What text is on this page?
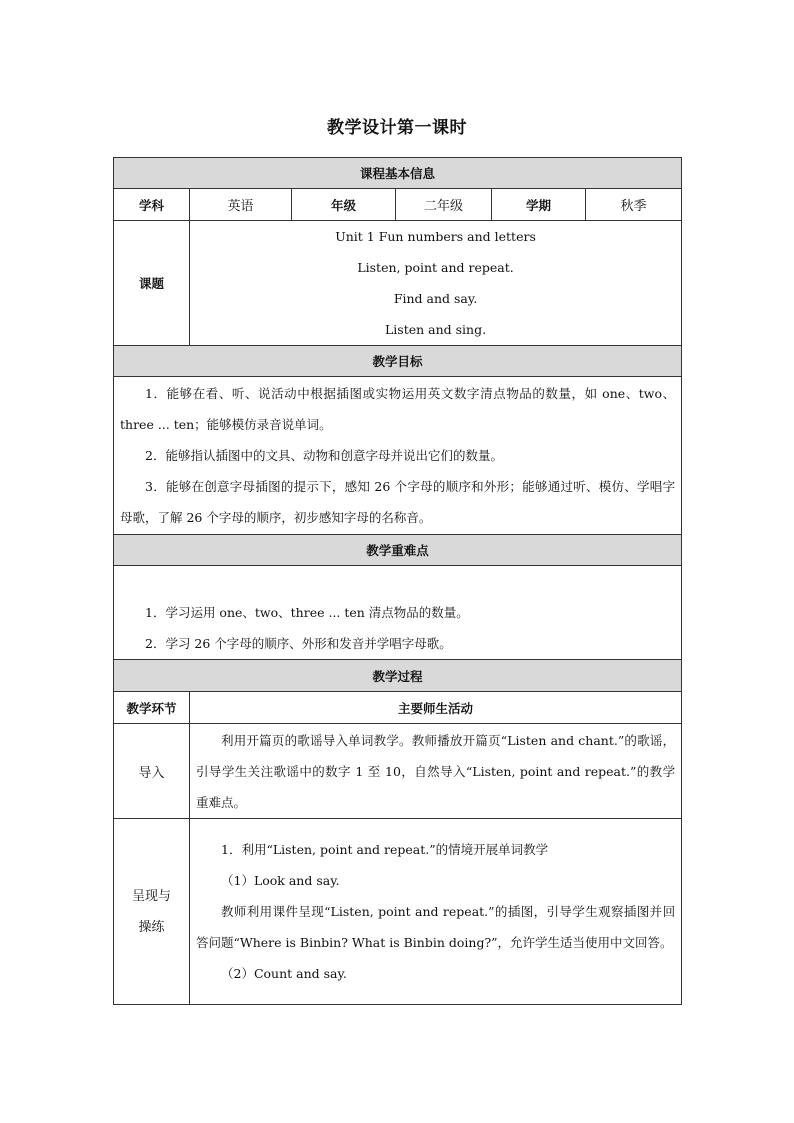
教学设计第一课时
课程基本信息					
学科	英语	年级	二年级	学期	秋季
课题	Unit 1 Fun numbers and letters
Listen, point and repeat.
Find and say.
Listen and sing.				

教学目标					

1．能够在看、听、说活动中根据插图或实物运用英文数字清点物品的数量，如 one、two、three ... ten；能够模仿录音说单词。
2．能够指认插图中的文具、动物和创意字母并说出它们的数量。
3．能够在创意字母插图的提示下，感知 26 个字母的顺序和外形；能够通过听、模仿、学唱字母歌，了解 26 个字母的顺序，初步感知字母的名称音。					

教学重难点					

1．学习运用 one、two、three ... ten 清点物品的数量。
2．学习 26 个字母的顺序、外形和发音并学唱字母歌。					

教学过程					
教学环节	主要师生活动				
导入	利用开篇页的歌谣导入单词教学。教师播放开篇页“Listen and chant.”的歌谣，引导学生关注歌谣中的数字 1 至 10，自然导入“Listen, point and repeat.”的教学重难点。				

呈现与操练	1．利用“Listen, point and repeat.”的情境开展单词教学
（1）Look and say.
教师利用课件呈现“Listen, point and repeat.”的插图，引导学生观察插图并回答问题“Where is Binbin? What is Binbin doing?”，允许学生适当使用中文回答。
（2）Count and say.				
